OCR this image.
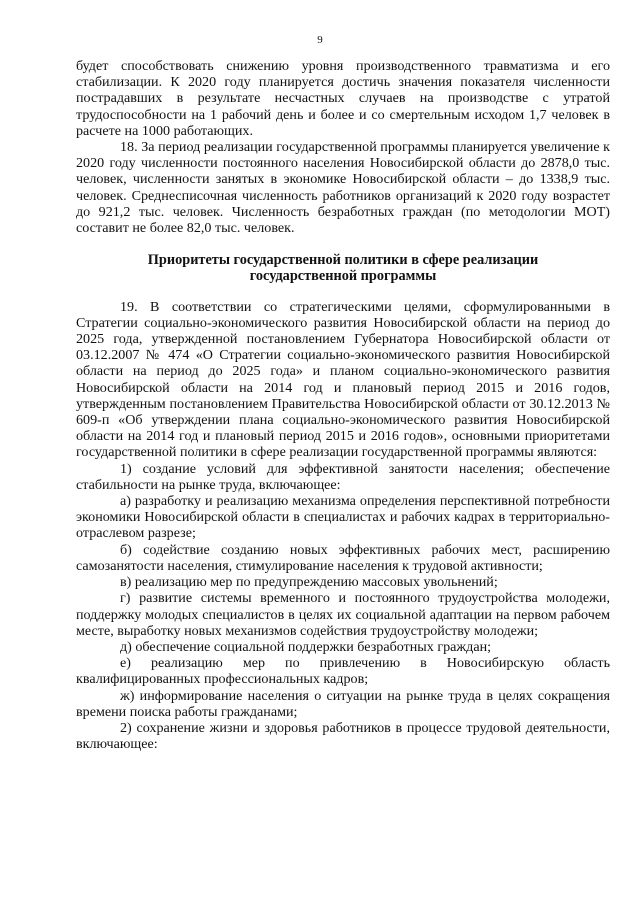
9

будет способствовать снижению уровня производственного травматизма и его стабилизации. К 2020 году планируется достичь значения показателя численности пострадавших в результате несчастных случаев на производстве с утратой трудоспособности на 1 рабочий день и более и со смертельным исходом 1,7 человек в расчете на 1000 работающих.

18. За период реализации государственной программы планируется увеличение к 2020 году численности постоянного населения Новосибирской области до 2878,0 тыс. человек, численности занятых в экономике Новосибирской области – до 1338,9 тыс. человек. Среднесписочная численность работников организаций к 2020 году возрастет до 921,2 тыс. человек. Численность безработных граждан (по методологии МОТ) составит не более 82,0 тыс. человек.

Приоритеты государственной политики в сфере реализации государственной программы

19. В соответствии со стратегическими целями, сформулированными в Стратегии социально-экономического развития Новосибирской области на период до 2025 года, утвержденной постановлением Губернатора Новосибирской области от 03.12.2007 № 474 «О Стратегии социально-экономического развития Новосибирской области на период до 2025 года» и планом социально-экономического развития Новосибирской области на 2014 год и плановый период 2015 и 2016 годов, утвержденным постановлением Правительства Новосибирской области от 30.12.2013 № 609-п «Об утверждении плана социально-экономического развития Новосибирской области на 2014 год и плановый период 2015 и 2016 годов», основными приоритетами государственной политики в сфере реализации государственной программы являются:

1) создание условий для эффективной занятости населения; обеспечение стабильности на рынке труда, включающее:

а) разработку и реализацию механизма определения перспективной потребности экономики Новосибирской области в специалистах и рабочих кадрах в территориально-отраслевом разрезе;

б) содействие созданию новых эффективных рабочих мест, расширению самозанятости населения, стимулирование населения к трудовой активности;

в) реализацию мер по предупреждению массовых увольнений;

г) развитие системы временного и постоянного трудоустройства молодежи, поддержку молодых специалистов в целях их социальной адаптации на первом рабочем месте, выработку новых механизмов содействия трудоустройству молодежи;

д) обеспечение социальной поддержки безработных граждан;

е) реализацию мер по привлечению в Новосибирскую область квалифицированных профессиональных кадров;

ж) информирование населения о ситуации на рынке труда в целях сокращения времени поиска работы гражданами;

2) сохранение жизни и здоровья работников в процессе трудовой деятельности, включающее:
